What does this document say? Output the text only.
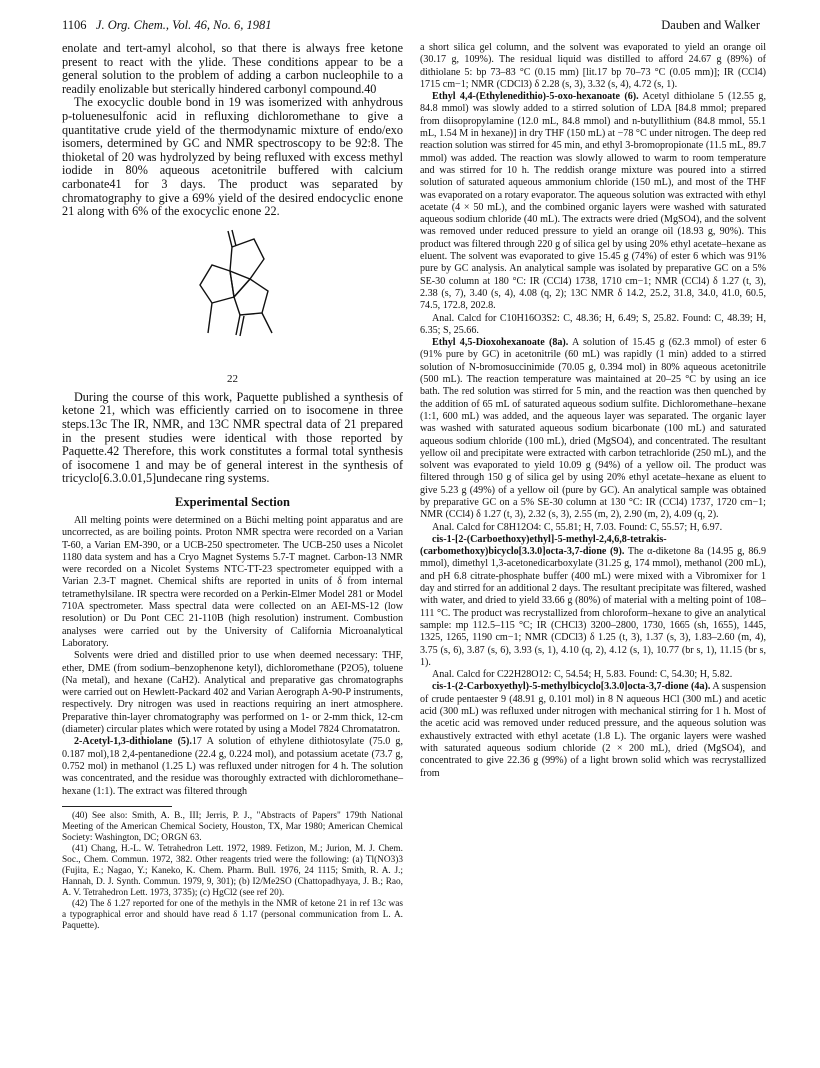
1106 J. Org. Chem., Vol. 46, No. 6, 1981	Dauben and Walker

enolate and tert-amyl alcohol, so that there is always free ketone present to react with the ylide. These conditions appear to be a general solution to the problem of adding a carbon nucleophile to a readily enolizable but sterically hindered carbonyl compound.40

The exocyclic double bond in 19 was isomerized with anhydrous p-toluenesulfonic acid in refluxing dichloromethane to give a quantitative crude yield of the thermodynamic mixture of endo/exo isomers, determined by GC and NMR spectroscopy to be 92:8. The thioketal of 20 was hydrolyzed by being refluxed with excess methyl iodide in 80% aqueous acetonitrile buffered with calcium carbonate41 for 3 days. The product was separated by chromatography to give a 69% yield of the desired endocyclic enone 21 along with 6% of the exocyclic enone 22.

22

During the course of this work, Paquette published a synthesis of ketone 21, which was efficiently carried on to isocomene in three steps.13c The IR, NMR, and 13C NMR spectral data of 21 prepared in the present studies were identical with those reported by Paquette.42 Therefore, this work constitutes a formal total synthesis of isocomene 1 and may be of general interest in the synthesis of tricyclo[6.3.0.01,5]undecane ring systems.

Experimental Section

All melting points were determined on a Büchi melting point apparatus and are uncorrected, as are boiling points. Proton NMR spectra were recorded on a Varian T-60, a Varian EM-390, or a UCB-250 spectrometer. The UCB-250 uses a Nicolet 1180 data system and has a Cryo Magnet Systems 5.7-T magnet. Carbon-13 NMR were recorded on a Nicolet Systems NTC-TT-23 spectrometer equipped with a Varian 2.3-T magnet. Chemical shifts are reported in units of δ from internal tetramethylsilane. IR spectra were recorded on a Perkin-Elmer Model 281 or Model 710A spectrometer. Mass spectral data were collected on an AEI-MS-12 (low resolution) or Du Pont CEC 21-110B (high resolution) instrument. Combustion analyses were carried out by the University of California Microanalytical Laboratory.

Solvents were dried and distilled prior to use when deemed necessary: THF, ether, DME (from sodium–benzophenone ketyl), dichloromethane (P2O5), toluene (Na metal), and hexane (CaH2). Analytical and preparative gas chromatographs were carried out on Hewlett-Packard 402 and Varian Aerograph A-90-P instruments, respectively. Dry nitrogen was used in reactions requiring an inert atmosphere. Preparative thin-layer chromatography was performed on 1- or 2-mm thick, 12-cm (diameter) circular plates which were rotated by using a Model 7824 Chromatatron.

2-Acetyl-1,3-dithiolane (5).17 A solution of ethylene dithiotosylate (75.0 g, 0.187 mol),18 2,4-pentanedione (22.4 g, 0.224 mol), and potassium acetate (73.7 g, 0.752 mol) in methanol (1.25 L) was refluxed under nitrogen for 4 h. The solution was concentrated, and the residue was thoroughly extracted with dichloromethane–hexane (1:1). The extract was filtered through

(40) See also: Smith, A. B., III; Jerris, P. J., "Abstracts of Papers" 179th National Meeting of the American Chemical Society, Houston, TX, Mar 1980; American Chemical Society: Washington, DC; ORGN 63.

(41) Chang, H.-L. W. Tetrahedron Lett. 1972, 1989. Fetizon, M.; Jurion, M. J. Chem. Soc., Chem. Commun. 1972, 382. Other reagents tried were the following: (a) Tl(NO3)3 (Fujita, E.; Nagao, Y.; Kaneko, K. Chem. Pharm. Bull. 1976, 24 1115; Smith, R. A. J.; Hannah, D. J. Synth. Commun. 1979, 9, 301); (b) I2/Me2SO (Chattopadhyaya, J. B.; Rao, A. V. Tetrahedron Lett. 1973, 3735); (c) HgCl2 (see ref 20).

(42) The δ 1.27 reported for one of the methyls in the NMR of ketone 21 in ref 13c was a typographical error and should have read δ 1.17 (personal communication from L. A. Paquette).

a short silica gel column, and the solvent was evaporated to yield an orange oil (30.17 g, 109%). The residual liquid was distilled to afford 24.67 g (89%) of dithiolane 5: bp 73–83 °C (0.15 mm) [lit.17 bp 70–73 °C (0.05 mm)]; IR (CCl4) 1715 cm−1; NMR (CDCl3) δ 2.28 (s, 3), 3.32 (s, 4), 4.72 (s, 1).

Ethyl 4,4-(Ethylenedithio)-5-oxo-hexanoate (6). Acetyl dithiolane 5 (12.55 g, 84.8 mmol) was slowly added to a stirred solution of LDA [84.8 mmol; prepared from diisopropylamine (12.0 mL, 84.8 mmol) and n-butyllithium (84.8 mmol, 55.1 mL, 1.54 M in hexane)] in dry THF (150 mL) at −78 °C under nitrogen. The deep red reaction solution was stirred for 45 min, and ethyl 3-bromopropionate (11.5 mL, 89.7 mmol) was added. The reaction was slowly allowed to warm to room temperature and was stirred for 10 h. The reddish orange mixture was poured into a stirred solution of saturated aqueous ammonium chloride (150 mL), and most of the THF was evaporated on a rotary evaporator. The aqueous solution was extracted with ethyl acetate (4 × 50 mL), and the combined organic layers were washed with saturated aqueous sodium chloride (40 mL). The extracts were dried (MgSO4), and the solvent was removed under reduced pressure to yield an orange oil (18.93 g, 90%). This product was filtered through 220 g of silica gel by using 20% ethyl acetate–hexane as eluent. The solvent was evaporated to give 15.45 g (74%) of ester 6 which was 91% pure by GC analysis. An analytical sample was isolated by preparative GC on a 5% SE-30 column at 180 °C: IR (CCl4) 1738, 1710 cm−1; NMR (CCl4) δ 1.27 (t, 3), 2.38 (s, 7), 3.40 (s, 4), 4.08 (q, 2); 13C NMR δ 14.2, 25.2, 31.8, 34.0, 41.0, 60.5, 74.5, 172.8, 202.8.

Anal. Calcd for C10H16O3S2: C, 48.36; H, 6.49; S, 25.82. Found: C, 48.39; H, 6.35; S, 25.66.

Ethyl 4,5-Dioxohexanoate (8a). A solution of 15.45 g (62.3 mmol) of ester 6 (91% pure by GC) in acetonitrile (60 mL) was rapidly (1 min) added to a stirred solution of N-bromosuccinimide (70.05 g, 0.394 mol) in 80% aqueous acetonitrile (500 mL). The reaction temperature was maintained at 20–25 °C by using an ice bath. The red solution was stirred for 5 min, and the reaction was then quenched by the addition of 65 mL of saturated aqueous sodium sulfite. Dichloromethane–hexane (1:1, 600 mL) was added, and the aqueous layer was separated. The organic layer was washed with saturated aqueous sodium bicarbonate (100 mL) and saturated aqueous sodium chloride (100 mL), dried (MgSO4), and concentrated. The resultant yellow oil and precipitate were extracted with carbon tetrachloride (250 mL), and the solvent was evaporated to yield 10.09 g (94%) of a yellow oil. The product was filtered through 150 g of silica gel by using 20% ethyl acetate–hexane as eluent to give 5.23 g (49%) of a yellow oil (pure by GC). An analytical sample was obtained by preparative GC on a 5% SE-30 column at 130 °C: IR (CCl4) 1737, 1720 cm−1; NMR (CCl4) δ 1.27 (t, 3), 2.32 (s, 3), 2.55 (m, 2), 2.90 (m, 2), 4.09 (q, 2).

Anal. Calcd for C8H12O4: C, 55.81; H, 7.03. Found: C, 55.57; H, 6.97.

cis-1-[2-(Carboethoxy)ethyl]-5-methyl-2,4,6,8-tetrakis-(carbomethoxy)bicyclo[3.3.0]octa-3,7-dione (9). The α-diketone 8a (14.95 g, 86.9 mmol), dimethyl 1,3-acetonedicarboxylate (31.25 g, 174 mmol), methanol (200 mL), and pH 6.8 citrate-phosphate buffer (400 mL) were mixed with a Vibromixer for 1 day and stirred for an additional 2 days. The resultant precipitate was filtered, washed with water, and dried to yield 33.66 g (80%) of material with a melting point of 108–111 °C. The product was recrystallized from chloroform–hexane to give an analytical sample: mp 112.5–115 °C; IR (CHCl3) 3200–2800, 1730, 1665 (sh, 1655), 1445, 1325, 1265, 1190 cm−1; NMR (CDCl3) δ 1.25 (t, 3), 1.37 (s, 3), 1.83–2.60 (m, 4), 3.75 (s, 6), 3.87 (s, 6), 3.93 (s, 1), 4.10 (q, 2), 4.12 (s, 1), 10.77 (br s, 1), 11.15 (br s, 1).

Anal. Calcd for C22H28O12: C, 54.54; H, 5.83. Found: C, 54.30; H, 5.82.

cis-1-(2-Carboxyethyl)-5-methylbicyclo[3.3.0]octa-3,7-dione (4a). A suspension of crude pentaester 9 (48.91 g, 0.101 mol) in 8 N aqueous HCl (300 mL) and acetic acid (300 mL) was refluxed under nitrogen with mechanical stirring for 1 h. Most of the acetic acid was removed under reduced pressure, and the aqueous solution was exhaustively extracted with ethyl acetate (1.8 L). The organic layers were washed with saturated aqueous sodium chloride (2 × 200 mL), dried (MgSO4), and concentrated to give 22.36 g (99%) of a light brown solid which was recrystallized from
